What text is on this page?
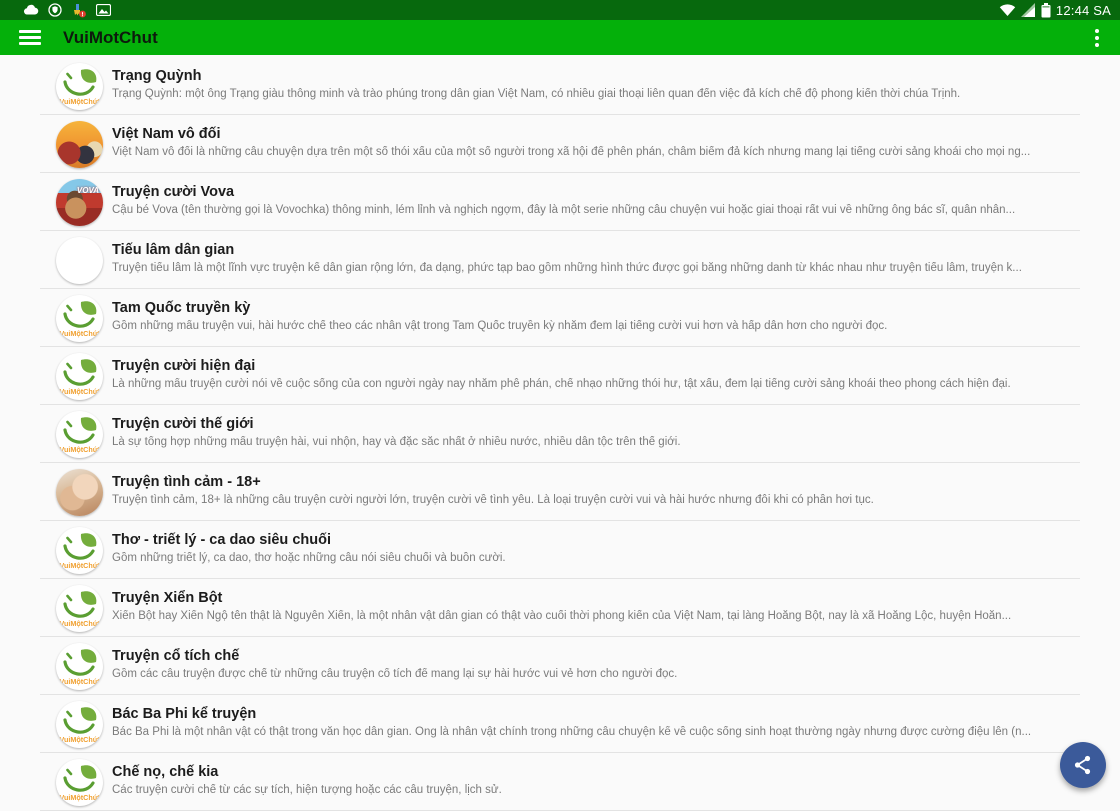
12:44 SA
VuiMotChut
VuiMộtChút
Trạng Quỳnh
Trạng Quỳnh: một ông Trạng giàu thông minh và trào phúng trong dân gian Việt Nam, có nhiều giai thoại liên quan đến việc đả kích chế độ phong kiến thời chúa Trịnh.
Việt Nam vô đối
Việt Nam vô đối là những câu chuyện dựa trên một số thói xấu của một số người trong xã hội để phên phán, châm biếm đả kích nhưng mang lại tiếng cười sảng khoái cho mọi ng...
VOVA
Truyện cười Vova
Cậu bé Vova (tên thường gọi là Vovochka) thông minh, lém lỉnh và nghịch ngợm, đây là một serie những câu chuyện vui hoặc giai thoại rất vui về những ông bác sĩ, quân nhân...
Tiếu lâm dân gian
Truyện tiếu lâm là một lĩnh vực truyện kể dân gian rộng lớn, đa dạng, phức tạp bao gồm những hình thức được gọi bằng những danh từ khác nhau như truyện tiếu lâm, truyện k...
VuiMộtChút
Tam Quốc truyền kỳ
Gồm những mẩu truyện vui, hài hước chế theo các nhân vật trong Tam Quốc truyền kỳ nhằm đem lại tiếng cười vui hơn và hấp dẫn hơn cho người đọc.
VuiMộtChút
Truyện cười hiện đại
Là những mẩu truyện cười nói về cuộc sống của con người ngày nay nhằm phê phán, chế nhạo những thói hư, tật xấu, đem lại tiếng cười sảng khoái theo phong cách hiện đại.
VuiMộtChút
Truyện cười thế giới
Là sự tổng hợp những mẩu truyện hài, vui nhộn, hay và đặc sắc nhất ở nhiều nước, nhiều dân tộc trên thế giới.
Truyện tình cảm - 18+
Truyện tình cảm, 18+ là những câu truyện cười người lớn, truyện cười về tình yêu. Là loại truyện cười vui và hài hước nhưng đôi khi có phần hơi tục.
VuiMộtChút
Thơ - triết lý - ca dao siêu chuối
Gồm những triết lý, ca dao, thơ hoặc những câu nói siêu chuối và buồn cười.
VuiMộtChút
Truyện Xiển Bột
Xiển Bột hay Xiển Ngộ tên thật là Nguyễn Xiển, là một nhân vật dân gian có thật vào cuối thời phong kiến của Việt Nam, tại làng Hoằng Bột, nay là xã Hoằng Lộc, huyện Hoằn...
VuiMộtChút
Truyện cổ tích chế
Gồm các câu truyện được chế từ những câu truyện cổ tích để mang lại sự hài hước vui vẻ hơn cho người đọc.
VuiMộtChút
Bác Ba Phi kể truyện
Bác Ba Phi là một nhân vật có thật trong văn học dân gian. Ông là nhân vật chính trong những câu chuyện kể về cuộc sống sinh hoạt thường ngày nhưng được cường điệu lên (n...
VuiMộtChút
Chế nọ, chế kia
Các truyện cười chế từ các sự tích, hiện tượng hoặc các câu truyện, lịch sử.
